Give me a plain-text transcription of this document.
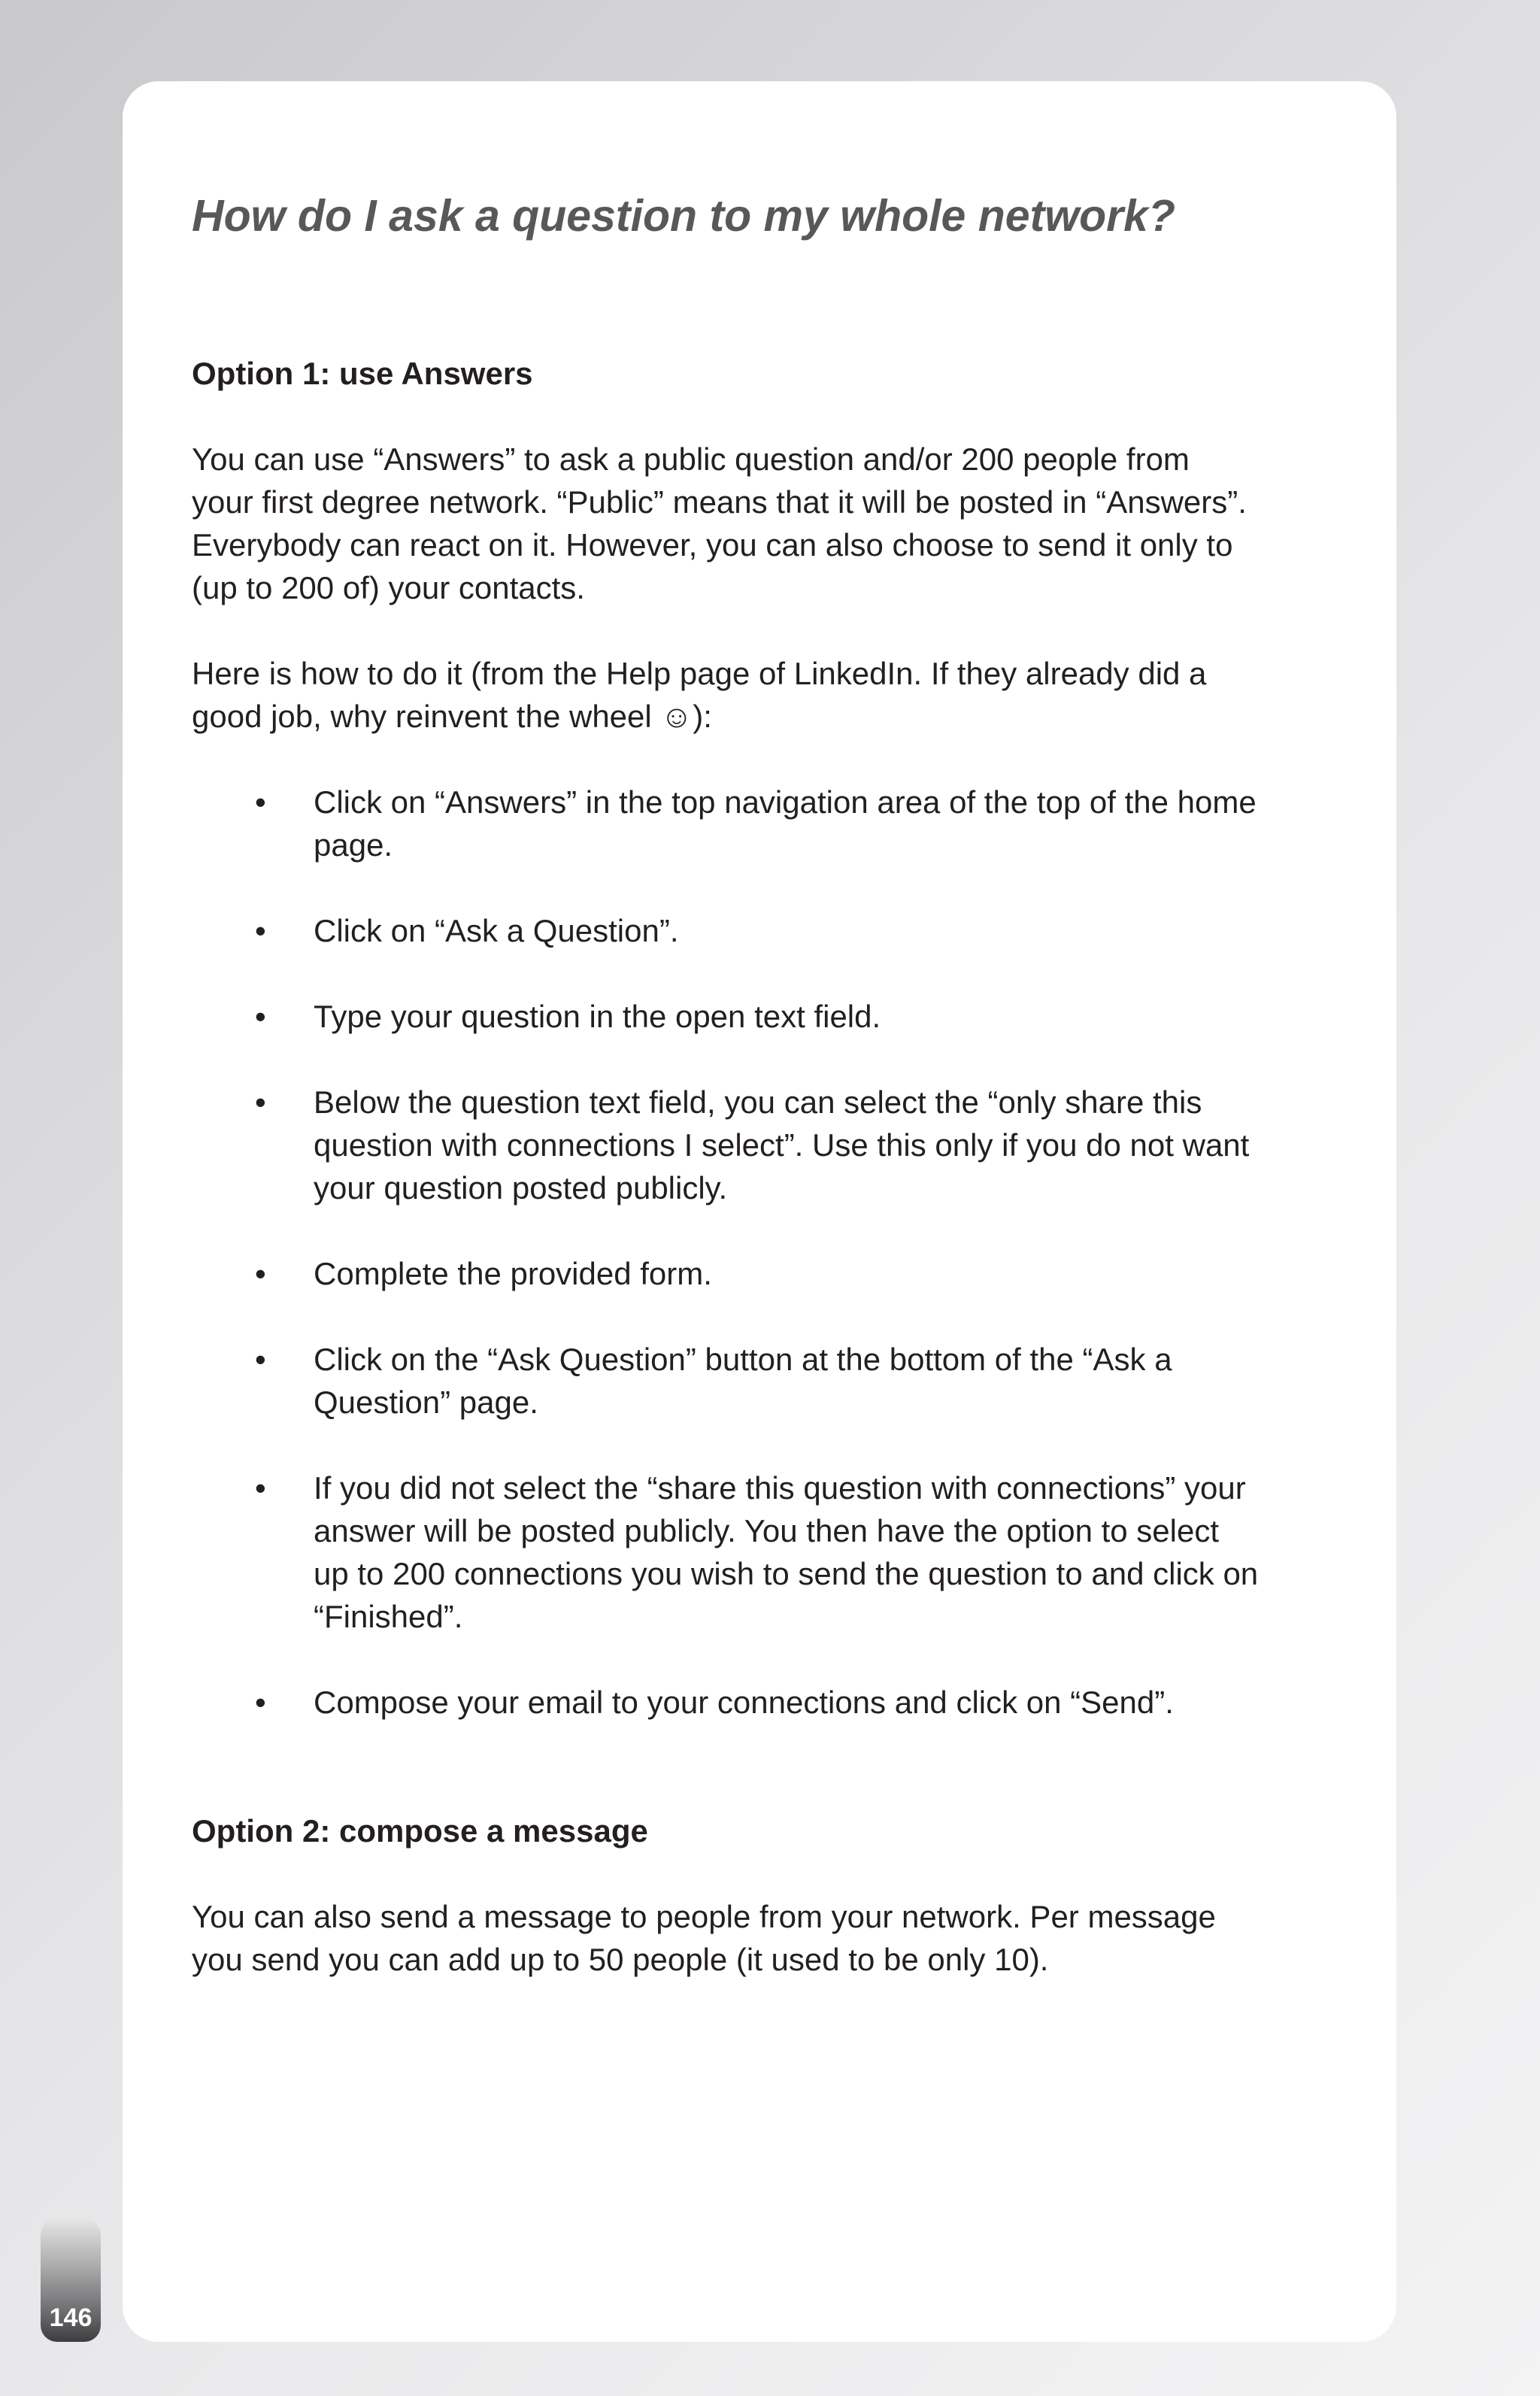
How do I ask a question to my whole network?

Option 1: use Answers

You can use “Answers” to ask a public question and/or 200 people from
your first degree network. “Public” means that it will be posted in “Answers”.
Everybody can react on it. However, you can also choose to send it only to
(up to 200 of) your contacts.

Here is how to do it (from the Help page of LinkedIn. If they already did a
good job, why reinvent the wheel ☺):

• Click on “Answers” in the top navigation area of the top of the home
page.
• Click on “Ask a Question”.
• Type your question in the open text field.
• Below the question text field, you can select the “only share this
question with connections I select”. Use this only if you do not want
your question posted publicly.
• Complete the provided form.
• Click on the “Ask Question” button at the bottom of the “Ask a
Question” page.
• If you did not select the “share this question with connections” your
answer will be posted publicly. You then have the option to select
up to 200 connections you wish to send the question to and click on
“Finished”.
• Compose your email to your connections and click on “Send”.

Option 2: compose a message

You can also send a message to people from your network. Per message
you send you can add up to 50 people (it used to be only 10).

146
